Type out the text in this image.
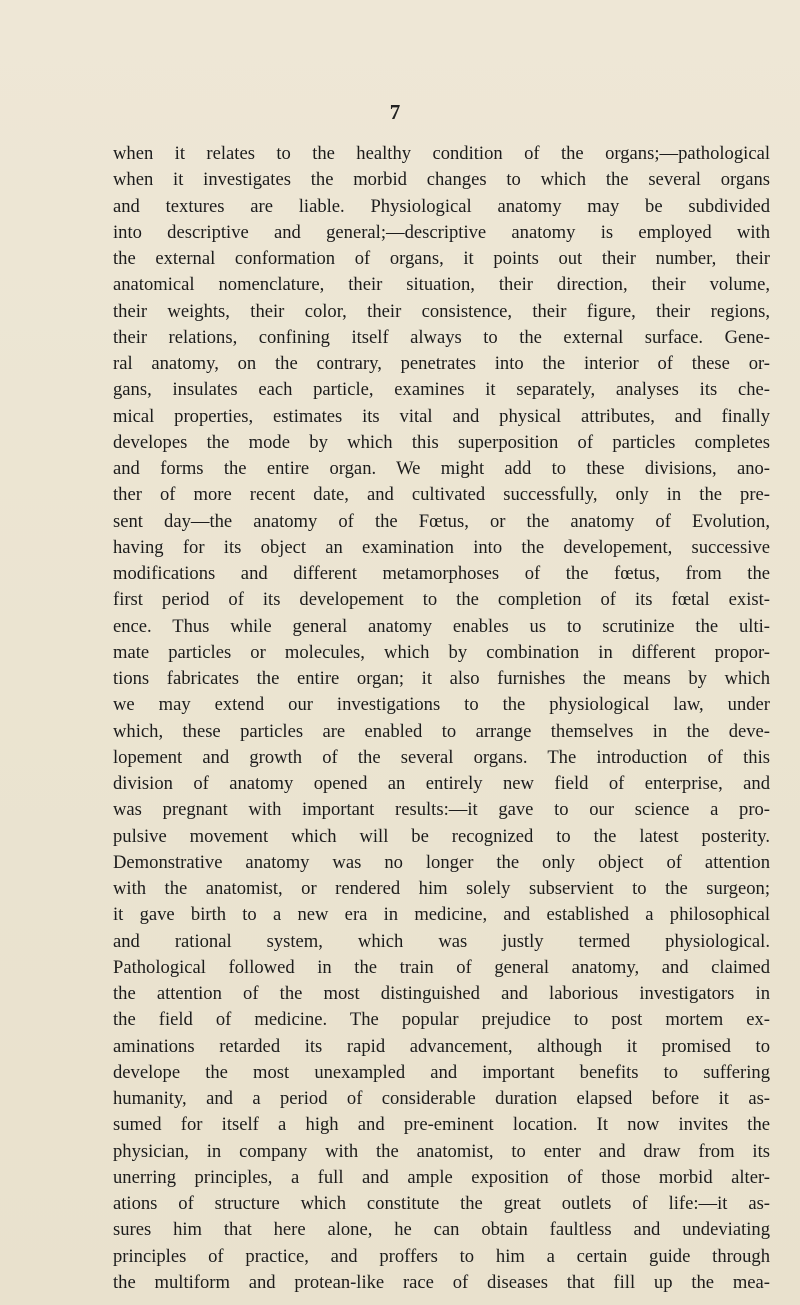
7
when it relates to the healthy condition of the organs;—pathological
when it investigates the morbid changes to which the several organs
and textures are liable. Physiological anatomy may be subdivided
into descriptive and general;—descriptive anatomy is employed with
the external conformation of organs, it points out their number, their
anatomical nomenclature, their situation, their direction, their volume,
their weights, their color, their consistence, their figure, their regions,
their relations, confining itself always to the external surface. Gene-
ral anatomy, on the contrary, penetrates into the interior of these or-
gans, insulates each particle, examines it separately, analyses its che-
mical properties, estimates its vital and physical attributes, and finally
developes the mode by which this superposition of particles completes
and forms the entire organ. We might add to these divisions, ano-
ther of more recent date, and cultivated successfully, only in the pre-
sent day—the anatomy of the Fœtus, or the anatomy of Evolution,
having for its object an examination into the developement, successive
modifications and different metamorphoses of the fœtus, from the
first period of its developement to the completion of its fœtal exist-
ence. Thus while general anatomy enables us to scrutinize the ulti-
mate particles or molecules, which by combination in different propor-
tions fabricates the entire organ; it also furnishes the means by which
we may extend our investigations to the physiological law, under
which, these particles are enabled to arrange themselves in the deve-
lopement and growth of the several organs. The introduction of this
division of anatomy opened an entirely new field of enterprise, and
was pregnant with important results:—it gave to our science a pro-
pulsive movement which will be recognized to the latest posterity.
Demonstrative anatomy was no longer the only object of attention
with the anatomist, or rendered him solely subservient to the surgeon;
it gave birth to a new era in medicine, and established a philosophical
and rational system, which was justly termed physiological.
Pathological followed in the train of general anatomy, and claimed
the attention of the most distinguished and laborious investigators in
the field of medicine. The popular prejudice to post mortem ex-
aminations retarded its rapid advancement, although it promised to
develope the most unexampled and important benefits to suffering
humanity, and a period of considerable duration elapsed before it as-
sumed for itself a high and pre-eminent location. It now invites the
physician, in company with the anatomist, to enter and draw from its
unerring principles, a full and ample exposition of those morbid alter-
ations of structure which constitute the great outlets of life:—it as-
sures him that here alone, he can obtain faultless and undeviating
principles of practice, and proffers to him a certain guide through
the multiform and protean-like race of diseases that fill up the mea-
